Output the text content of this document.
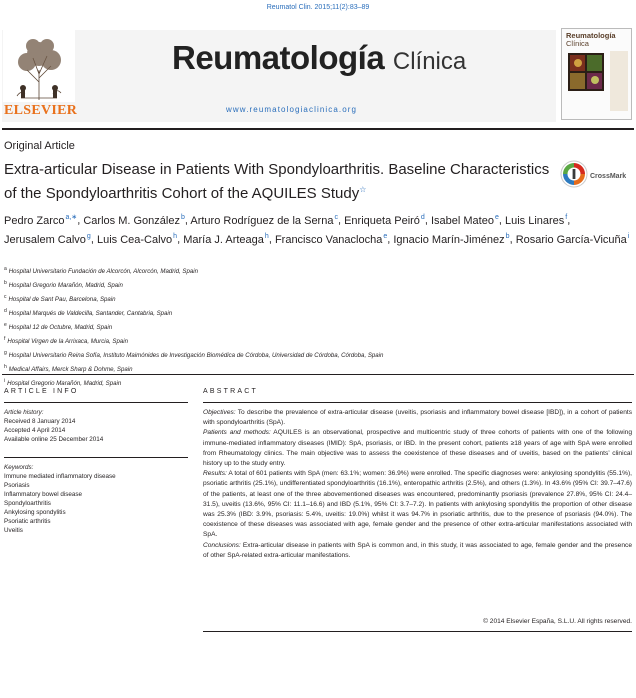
Reumatol Clin. 2015;11(2):83–89
ELSEVIER
Reumatología Clínica
www.reumatologiaclinica.org
Reumatología
Clínica
Original Article
Extra-articular Disease in Patients With Spondyloarthritis. Baseline Characteristics of the Spondyloarthritis Cohort of the AQUILES Study☆
CrossMark
Pedro Zarco$^{a,∗}$, Carlos M. González$^b$, Arturo Rodríguez de la Serna$^c$, Enriqueta Peiró$^d$, Isabel Mateo$^e$, Luis Linares$^f$, Jerusalem Calvo$^g$, Luis Cea-Calvo$^h$, María J. Arteaga$^h$, Francisco Vanaclocha$^e$, Ignacio Marín-Jiménez$^b$, Rosario García-Vicuña$^i$
$^a$ Hospital Universitario Fundación de Alcorcón, Alcorcón, Madrid, Spain
$^b$ Hospital Gregorio Marañón, Madrid, Spain
$^c$ Hospital de Sant Pau, Barcelona, Spain
$^d$ Hospital Marqués de Valdecilla, Santander, Cantabria, Spain
$^e$ Hospital 12 de Octubre, Madrid, Spain
$^f$ Hospital Virgen de la Arrixaca, Murcia, Spain
$^g$ Hospital Universitario Reina Sofía, Instituto Maimónides de Investigación Biomédica de Córdoba, Universidad de Córdoba, Córdoba, Spain
$^h$ Medical Affairs, Merck Sharp & Dohme, Spain
$^i$ Hospital Gregorio Marañón, Madrid, Spain
ARTICLE INFO	ABSTRACT
Article history:
Received 8 January 2014
Accepted 4 April 2014
Available online 25 December 2014
Keywords:
Immune mediated inflammatory disease
Psoriasis
Inflammatory bowel disease
Spondyloarthritis
Ankylosing spondylitis
Psoriatic arthritis
Uveitis

Objectives: To describe the prevalence of extra-articular disease (uveitis, psoriasis and inflammatory bowel disease [IBD]), in a cohort of patients with spondyloarthritis (SpA).

Patients and methods: AQUILES is an observational, prospective and multicentric study of three cohorts of patients with one of the following immune-mediated inflammatory diseases (IMID): SpA, psoriasis, or IBD. In the present cohort, patients ≥18 years of age with SpA were enrolled from Rheumatology clinics. The main objective was to assess the coexistence of these diseases and of uveitis, based on the patients’ clinical history up to the study entry.

Results: A total of 601 patients with SpA (men: 63.1%; women: 36.9%) were enrolled. The specific diagnoses were: ankylosing spondylitis (55.1%), psoriatic arthritis (25.1%), undifferentiated spondyloarthritis (16.1%), enteropathic arthritis (2.5%), and others (1.3%). In 43.6% (95% CI: 39.7–47.6) of the patients, at least one of the three abovementioned diseases was encountered, predominantly psoriasis (prevalence 27.8%, 95% CI: 24.4–31.5), uveitis (13.6%, 95% CI: 11.1–16.6) and IBD (5.1%, 95% CI: 3.7–7.2). In patients with ankylosing spondylitis the proportion of other disease was 25.3% (IBD: 3.9%, psoriasis: 5.4%, uveitis: 19.0%) whilst it was 94.7% in psoriatic arthritis, due to the presence of psoriasis (94.0%). The coexistence of these diseases was associated with age, female gender and the presence of other extra-articular manifestations associated with SpA.

Conclusions: Extra-articular disease in patients with SpA is common and, in this study, it was associated to age, female gender and the presence of other SpA-related extra-articular manifestations.

© 2014 Elsevier España, S.L.U. All rights reserved.
